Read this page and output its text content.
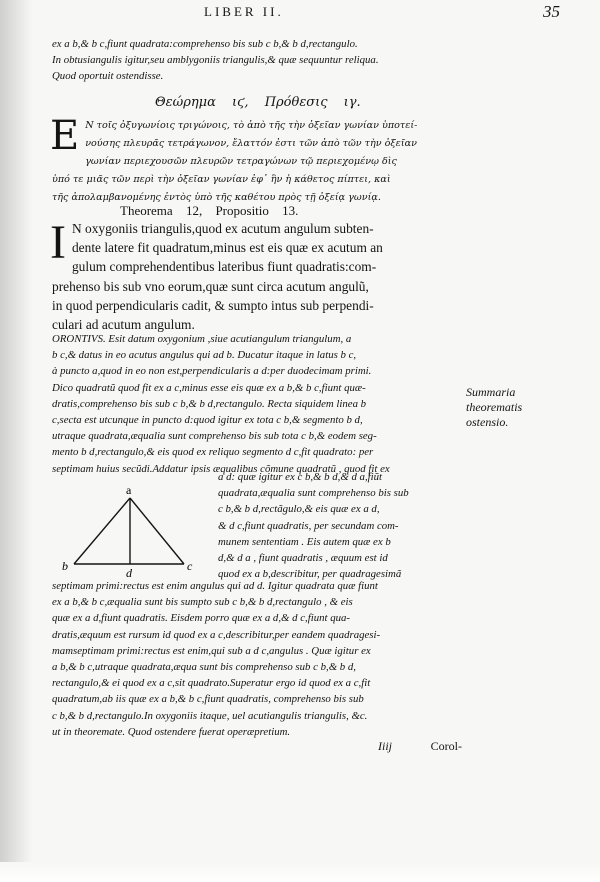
LIBER II.	35
ex a b,& b c,fiunt quadrata:comprehenso bis sub c b,& b d,rectangulo.
In obtusiangulis igitur,seu amblygoniis triangulis,& quæ sequuntur reliqua.
Quod oportuit ostendisse.
Θεώρημα ιϛ, Πρόθεσις ιγ.
Ε Ν τοῖς ὀξυγωνίοις τριγώνοις, τὸ ἀπὸ τῆς τὴν ὀξεῖαν γωνίαν ὑποτεί-
νούσης πλευρᾶς τετράγωνον, ἔλαττόν ἐστι τῶν ἀπὸ τῶν τὴν ὀξεῖαν
γωνίαν περιεχουσῶν πλευρῶν τετραγώνων τῷ περιεχομένῳ δὶς
ὑπό τε μιᾶς τῶν περὶ τὴν ὀξεῖαν γωνίαν ἐφ᾽ ἣν ἡ κάθετος πίπτει, καὶ
τῆς ἀπολαμβανομένης ἐντὸς ὑπὸ τῆς καθέτου πρὸς τῇ ὀξείᾳ γωνίᾳ.
Theorema 12, Propositio 13.
I N oxygoniis triangulis,quod ex acutum angulum subten-
dente latere fit quadratum,minus est eis quæ ex acutum an
gulum comprehendentibus lateribus fiunt quadratis:com-
prehenso bis sub vno eorum,quæ sunt circa acutum angulũ,
in quod perpendicularis cadit, & sumpto intus sub perpendi-
culari ad acutum angulum.
ORONTIVS. Esit datum oxygonium ,siue acutiangulum triangulum, a
b c,& datus in eo acutus angulus qui ad b. Ducatur itaque in latus b c,
à puncto a,quod in eo non est,perpendicularis a d:per duodecimam primi.
Dico quadratũ quod fit ex a c,minus esse eis quæ ex a b,& b c,fiunt quæ-
dratis,comprehenso bis sub c b,& b d,rectangulo. Recta siquidem linea b
c,secta est utcunque in puncto d:quod igitur ex tota c b,& segmento b d,
utraque quadrata,æqualia sunt comprehenso bis sub tota c b,& eodem seg-
mento b d,rectangulo,& eis quod ex reliquo segmento d c,fit quadrato: per
septimam huius secũdi.Addatur ipsis æqualibus cõmune quadratũ , quod fit ex
Summaria
theorematis
ostensio.
a
b	d	c
a d: quæ igitur ex c b,& b d,& d a,fiũt
quadrata,æqualia sunt comprehenso bis sub
c b,& b d,rectãgulo,& eis quæ ex a d,
& d c,fiunt quadratis, per secundam com-
munem sententiam . Eis autem quæ ex b
d,& d a , fiunt quadratis , æquum est id
quod ex a b,describitur, per quadragesimã
septimam primi:rectus est enim angulus qui ad d. Igitur quadrata quæ fiunt
ex a b,& b c,æqualia sunt bis sumpto sub c b,& b d,rectangulo , & eis
quæ ex a d,fiunt quadratis. Eisdem porro quæ ex a d,& d c,fiunt qua-
dratis,æquum est rursum id quod ex a c,describitur,per eandem quadragesi-
mamseptimam primi:rectus est enim,qui sub a d c,angulus . Quæ igitur ex
a b,& b c,utraque quadrata,æqua sunt bis comprehenso sub c b,& b d,
rectangulo,& ei quod ex a c,sit quadrato.Superatur ergo id quod ex a c,fit
quadratum,ab iis quæ ex a b,& b c,fiunt quadratis, comprehenso bis sub
c b,& b d,rectangulo.In oxygoniis itaque, uel acutiangulis triangulis, &c.
ut in theoremate. Quod ostendere fuerat operæpretium.
Iiij	Corol-
